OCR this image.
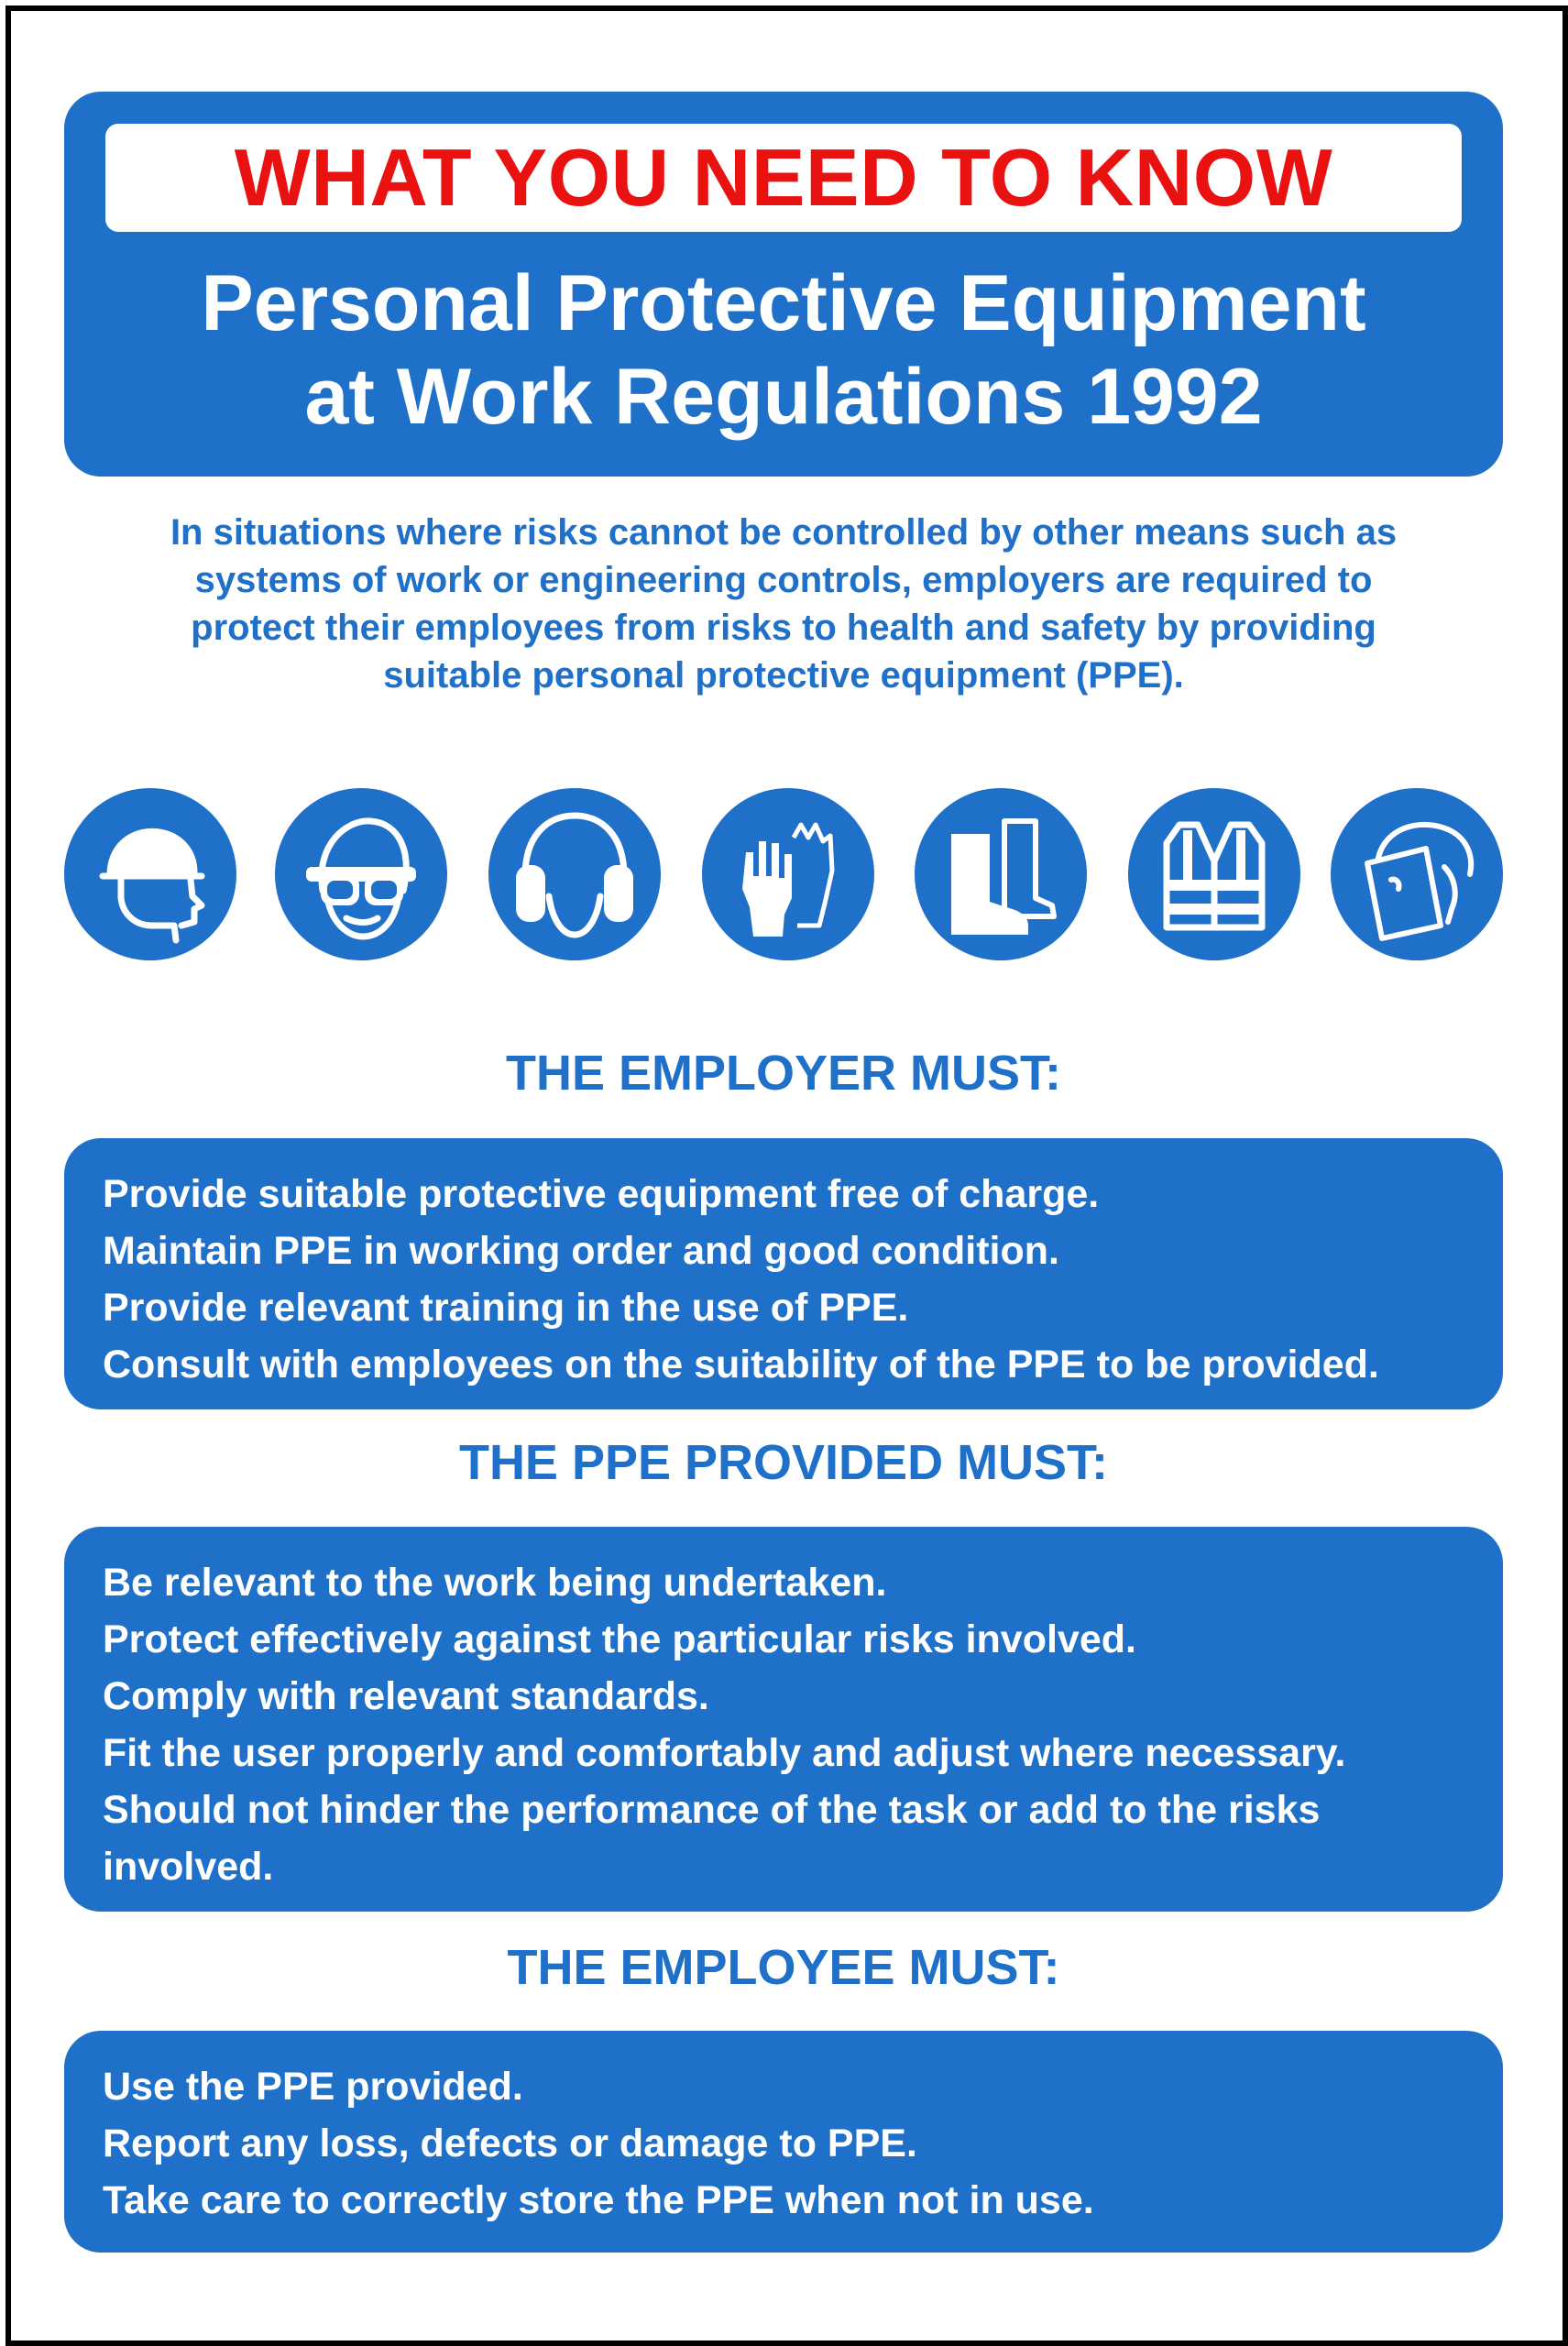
WHAT YOU NEED TO KNOW
Personal Protective Equipment
at Work Regulations 1992
In situations where risks cannot be controlled by other means such as
systems of work or engineering controls, employers are required to
protect their employees from risks to health and safety by providing
suitable personal protective equipment (PPE).
THE EMPLOYER MUST:
Provide suitable protective equipment free of charge.
Maintain PPE in working order and good condition.
Provide relevant training in the use of PPE.
Consult with employees on the suitability of the PPE to be provided.
THE PPE PROVIDED MUST:
Be relevant to the work being undertaken.
Protect effectively against the particular risks involved.
Comply with relevant standards.
Fit the user properly and comfortably and adjust where necessary.
Should not hinder the performance of the task or add to the risks
involved.
THE EMPLOYEE MUST:
Use the PPE provided.
Report any loss, defects or damage to PPE.
Take care to correctly store the PPE when not in use.
